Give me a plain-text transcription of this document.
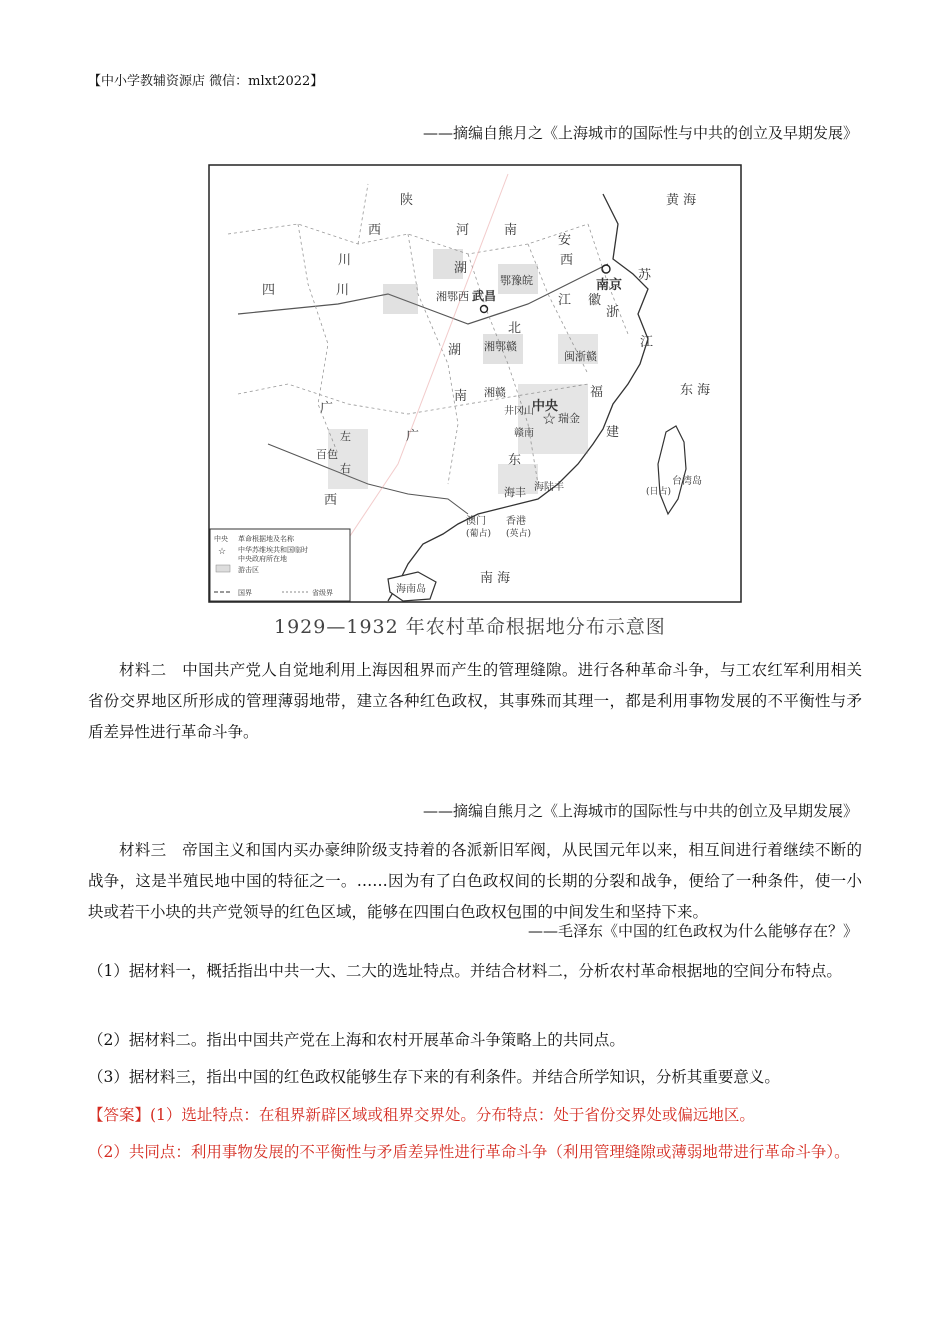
【中小学教辅资源店 微信：mlxt2022】
——摘编自熊月之《上海城市的国际性与中共的创立及早期发展》
☆
黄 海
东 海
南 海
南京
武昌
中央
瑞金
井冈山
百色
海丰 海陆丰
香港
(英占)
澳门
(葡占)
台湾岛
(日占)
海南岛
陕
河	南
西
川
四	川
湖
北
江
西
湖
南
广
东
福
建
浙
江
安
徽
苏
广
西
湘鄂西
鄂豫皖
湘鄂赣
湘赣
闽浙赣
赣南
左
右
中央 革命根据地及名称
☆ 中华苏维埃共和国临时
中央政府所在地
游击区
国界	省级界
1929—1932 年农村革命根据地分布示意图
材料二　中国共产党人自觉地利用上海因租界而产生的管理缝隙。进行各种革命斗争，与工农红军利用相关省份交界地区所形成的管理薄弱地带，建立各种红色政权，其事殊而其理一，都是利用事物发展的不平衡性与矛盾差异性进行革命斗争。
——摘编自熊月之《上海城市的国际性与中共的创立及早期发展》
材料三　帝国主义和国内买办豪绅阶级支持着的各派新旧军阀，从民国元年以来，相互间进行着继续不断的战争，这是半殖民地中国的特征之一。……因为有了白色政权间的长期的分裂和战争，便给了一种条件，使一小块或若干小块的共产党领导的红色区域，能够在四围白色政权包围的中间发生和坚持下来。
——毛泽东《中国的红色政权为什么能够存在？》
（1）据材料一，概括指出中共一大、二大的选址特点。并结合材料二，分析农村革命根据地的空间分布特点。
（2）据材料二。指出中国共产党在上海和农村开展革命斗争策略上的共同点。
（3）据材料三，指出中国的红色政权能够生存下来的有利条件。并结合所学知识，分析其重要意义。
【答案】(1）选址特点：在租界新辟区域或租界交界处。分布特点：处于省份交界处或偏远地区。
（2）共同点：利用事物发展的不平衡性与矛盾差异性进行革命斗争（利用管理缝隙或薄弱地带进行革命斗争）。
